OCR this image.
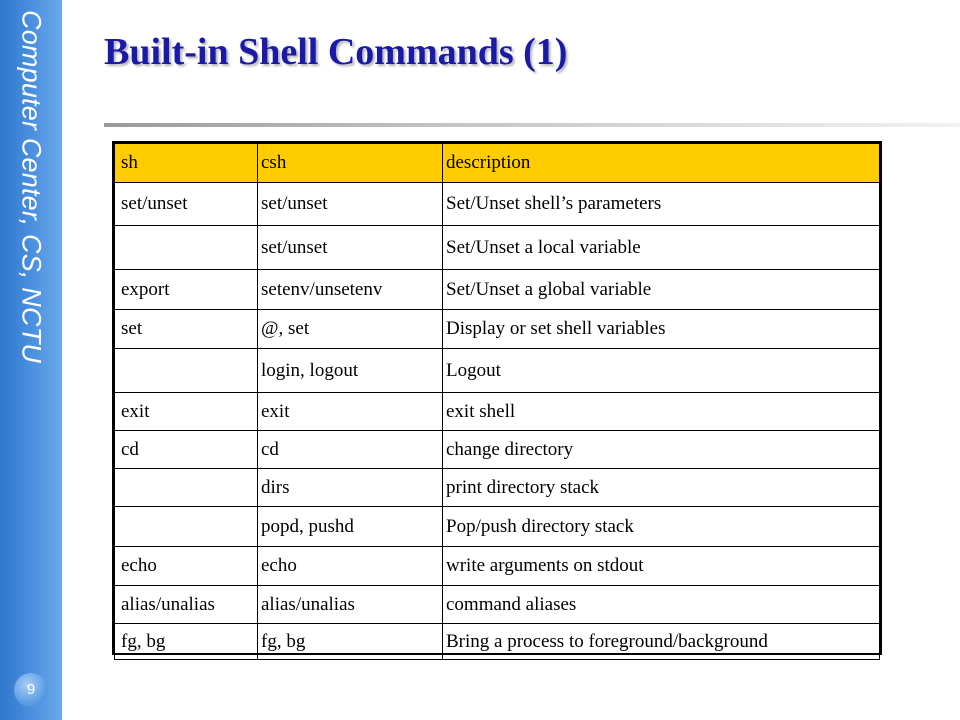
Computer Center, CS, NCTU
9
Built-in Shell Commands (1)
sh	csh	description
set/unset	set/unset	Set/Unset shell’s parameters
	set/unset	Set/Unset a local variable
export	setenv/unsetenv	Set/Unset a global variable
set	@, set	Display or set shell variables
	login, logout	Logout
exit	exit	exit shell
cd	cd	change directory
	dirs	print directory stack
	popd, pushd	Pop/push directory stack
echo	echo	write arguments on stdout
alias/unalias	alias/unalias	command aliases
fg, bg	fg, bg	Bring a process to foreground/background
